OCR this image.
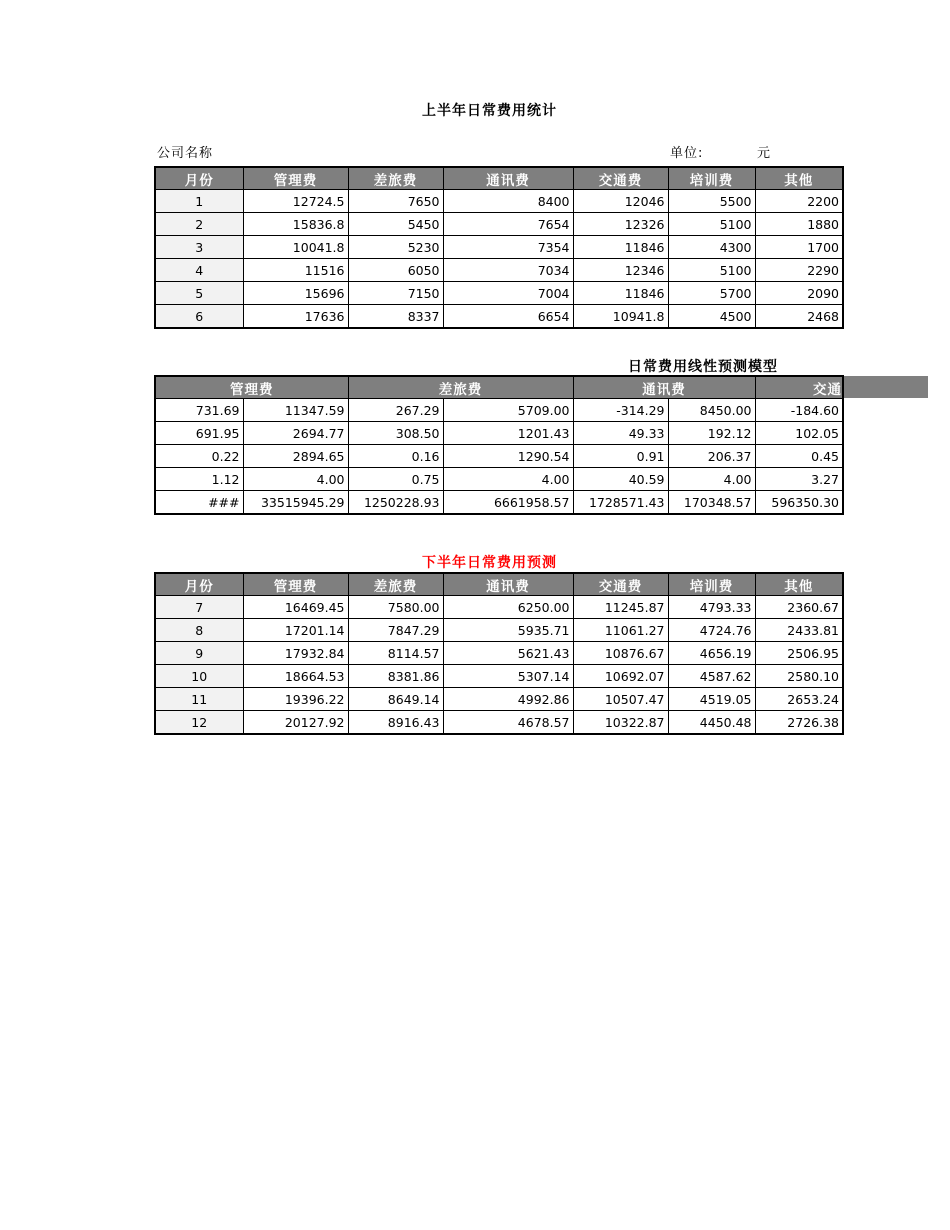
上半年日常费用统计
公司名称	单位:	元
月份	管理费	差旅费	通讯费	交通费	培训费	其他
1	12724.5	7650	8400	12046	5500	2200
2	15836.8	5450	7654	12326	5100	1880
3	10041.8	5230	7354	11846	4300	1700
4	11516	6050	7034	12346	5100	2290
5	15696	7150	7004	11846	5700	2090
6	17636	8337	6654	10941.8	4500	2468
日常费用线性预测模型
管理费		差旅费		通讯费		交通
731.69	11347.59	267.29	5709.00	-314.29	8450.00	-184.60
691.95	2694.77	308.50	1201.43	49.33	192.12	102.05
0.22	2894.65	0.16	1290.54	0.91	206.37	0.45
1.12	4.00	0.75	4.00	40.59	4.00	3.27
###	33515945.29	1250228.93	6661958.57	1728571.43	170348.57	596350.30
下半年日常费用预测
月份	管理费	差旅费	通讯费	交通费	培训费	其他
7	16469.45	7580.00	6250.00	11245.87	4793.33	2360.67
8	17201.14	7847.29	5935.71	11061.27	4724.76	2433.81
9	17932.84	8114.57	5621.43	10876.67	4656.19	2506.95
10	18664.53	8381.86	5307.14	10692.07	4587.62	2580.10
11	19396.22	8649.14	4992.86	10507.47	4519.05	2653.24
12	20127.92	8916.43	4678.57	10322.87	4450.48	2726.38
